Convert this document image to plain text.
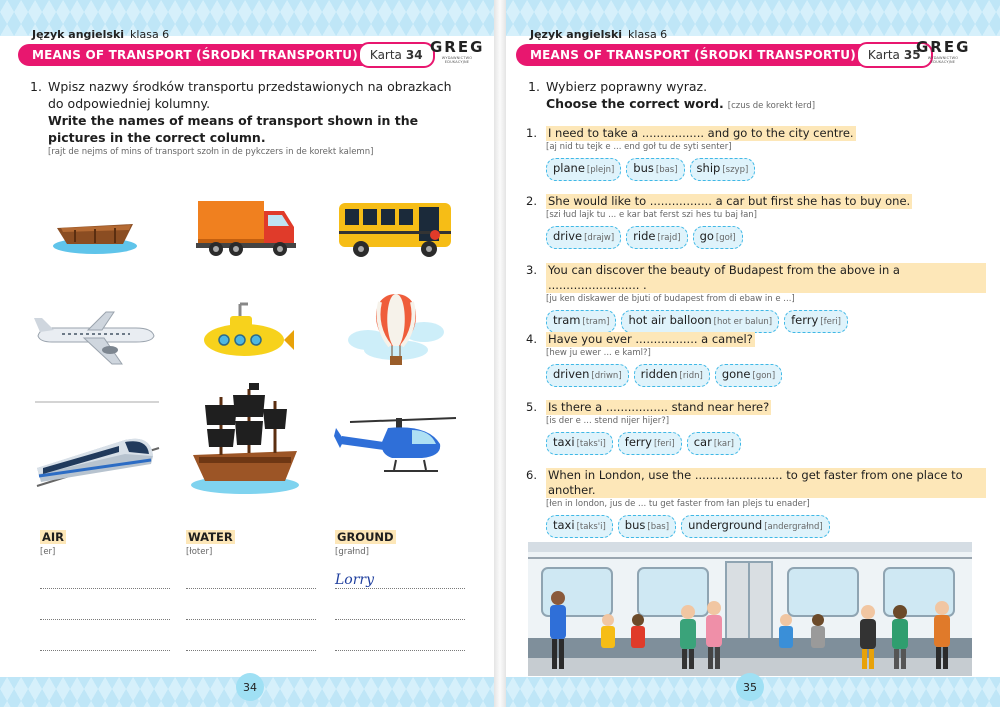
Język angielski klasa 6
MEANS OF TRANSPORT (ŚRODKI TRANSPORTU) Karta 34 GREG
WYDAWNICTWO EDUKACYJNE
1. Wpisz nazwy środków transportu przedstawionych na obrazkach do odpowiedniej kolumny.
Write the names of means of transport shown in the pictures in the correct column.
[rajt de nejms of mins of transport szołn in de pykczers in de korekt kalemn]
AIR
[er]
WATER
[łoter]
GROUND
[grałnd]
Lorry
34
Język angielski klasa 6
MEANS OF TRANSPORT (ŚRODKI TRANSPORTU) Karta 35
GREG
WYDAWNICTWO EDUKACYJNE
1. Wybierz poprawny wyraz.
Choose the correct word. [czus de korekt łerd]
1. I need to take a ................. and go to the city centre.
[aj nid tu tejk e ... end goł tu de syti senter]
plane [plejn]	bus [bas]	ship [szyp]
2. She would like to ................. a car but first she has to buy one.
[szi łud lajk tu ... e kar bat ferst szi hes tu baj łan]
drive [drajw]	ride [rajd]	go [goł]
3. You can discover the beauty of Budapest from the above in a ......................... .
[ju ken diskawer de bjuti of budapest from di ebaw in e ...]
tram [tram]	hot air balloon [hot er balun]	ferry [feri]
4. Have you ever ................. a camel?
[hew ju ewer ... e kaml?]
driven [driwn]	ridden [ridn]	gone [gon]
5. Is there a ................. stand near here?
[is der e ... stend nijer hijer?]
taxi [taks'i]	ferry [feri]	car [kar]
6. When in London, use the ........................ to get faster from one place to another.
[łen in london, jus de ... tu get faster from łan plejs tu enader]
taxi [taks'i]	bus [bas]	underground [andergrałnd]
35
